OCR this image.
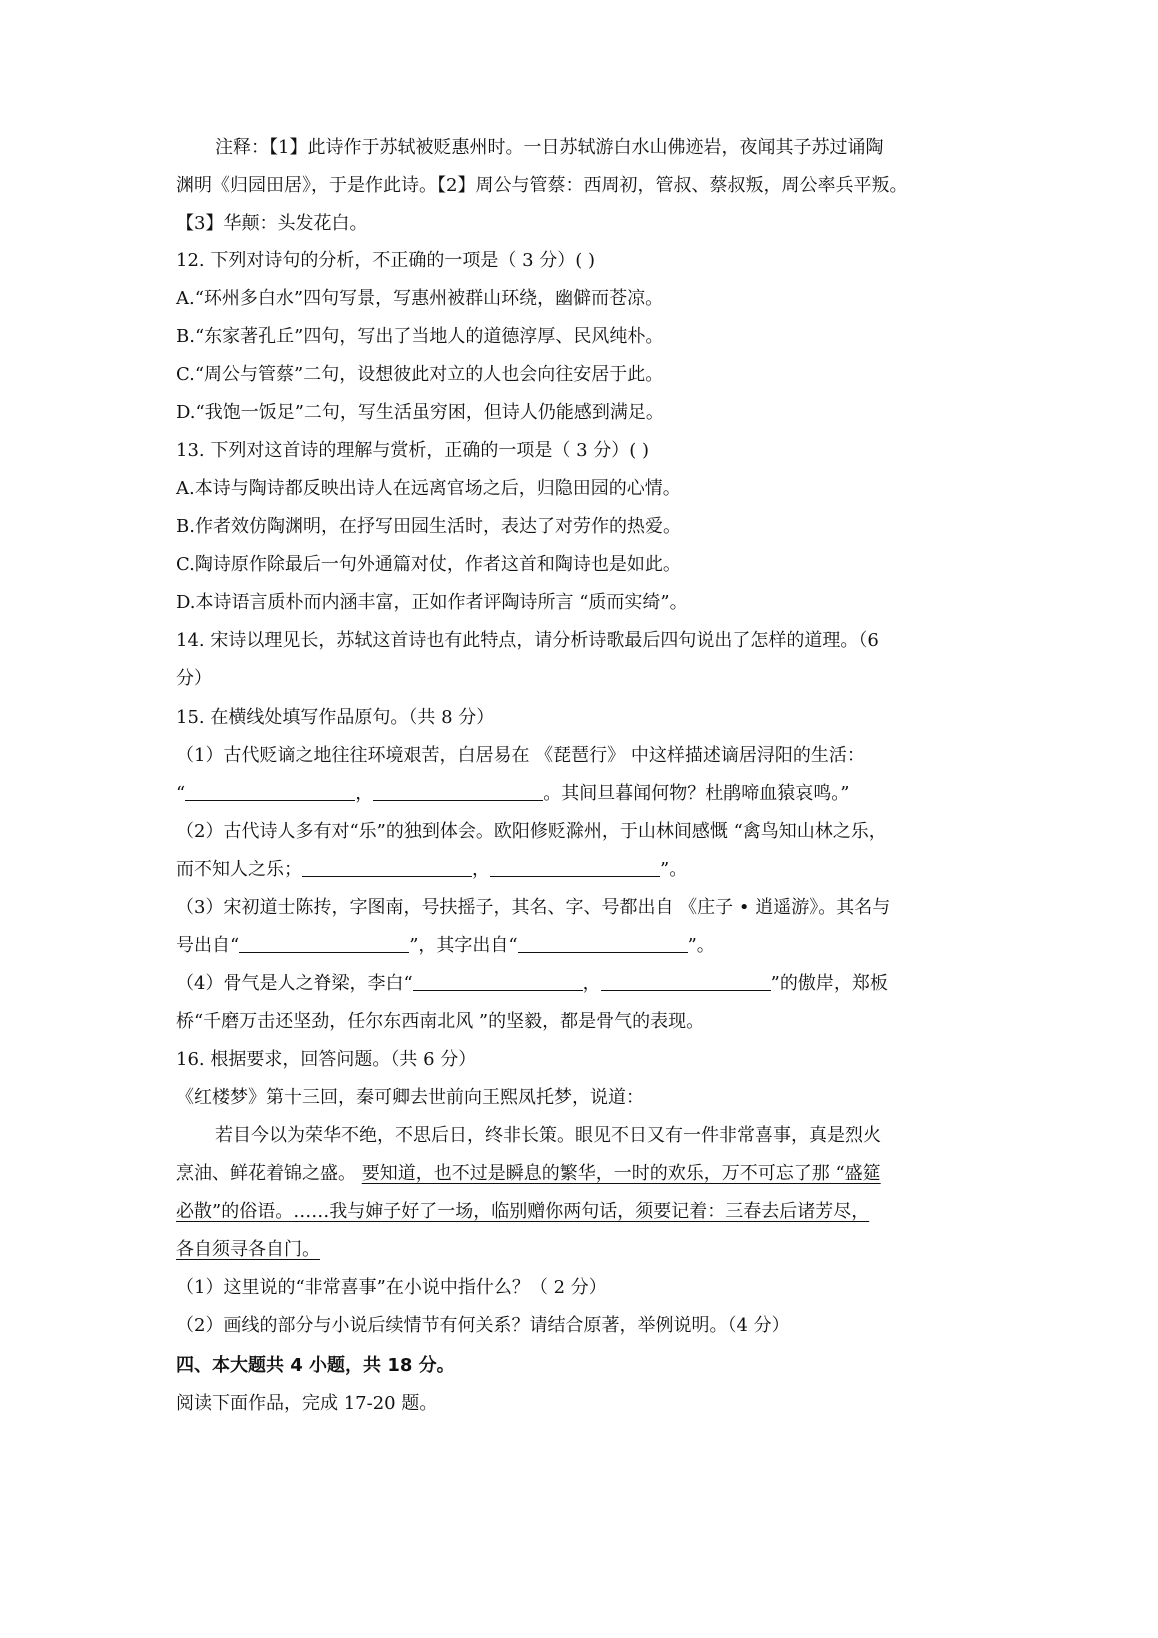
注释：【1】此诗作于苏轼被贬惠州时。一日苏轼游白水山佛迹岩，夜闻其子苏过诵陶
渊明《归园田居》，于是作此诗。【2】周公与管蔡：西周初，管叔、蔡叔叛，周公率兵平叛。
【3】华颠：头发花白。
12. 下列对诗句的分析，不正确的一项是（ 3 分）( )
A.“环州多白水”四句写景，写惠州被群山环绕，幽僻而苍凉。
B.“东家著孔丘”四句，写出了当地人的道德淳厚、民风纯朴。
C.“周公与管蔡”二句，设想彼此对立的人也会向往安居于此。
D.“我饱一饭足”二句，写生活虽穷困，但诗人仍能感到满足。
13. 下列对这首诗的理解与赏析，正确的一项是（ 3 分）( )
A.本诗与陶诗都反映出诗人在远离官场之后，归隐田园的心情。
B.作者效仿陶渊明，在抒写田园生活时，表达了对劳作的热爱。
C.陶诗原作除最后一句外通篇对仗，作者这首和陶诗也是如此。
D.本诗语言质朴而内涵丰富，正如作者评陶诗所言 “质而实绮”。
14. 宋诗以理见长，苏轼这首诗也有此特点，请分析诗歌最后四句说出了怎样的道理。（6
分）
15. 在横线处填写作品原句。（共 8 分）
（1）古代贬谪之地往往环境艰苦，白居易在 《琵琶行》 中这样描述谪居浔阳的生活：
“	，	。其间旦暮闻何物？杜鹃啼血猿哀鸣。”
（2）古代诗人多有对“乐”的独到体会。欧阳修贬滁州，于山林间感慨 “禽鸟知山林之乐，
而不知人之乐；	，	”。
（3）宋初道士陈抟，字图南，号扶摇子，其名、字、号都出自 《庄子 • 逍遥游》。其名与
号出自“	”，其字出自“	”。
（4）骨气是人之脊梁，李白“	，	”的傲岸，郑板
桥“千磨万击还坚劲，任尔东西南北风 ”的坚毅，都是骨气的表现。
16. 根据要求，回答问题。（共 6 分）
《红楼梦》第十三回，秦可卿去世前向王熙凤托梦，说道：
若目今以为荣华不绝，不思后日，终非长策。眼见不日又有一件非常喜事，真是烈火
烹油、鲜花着锦之盛。 要知道，也不过是瞬息的繁华，一时的欢乐，万不可忘了那 “盛筵
必散”的俗语。……我与婶子好了一场，临别赠你两句话，须要记着：三春去后诸芳尽，
各自须寻各自门。
（1）这里说的“非常喜事”在小说中指什么？（ 2 分）
（2）画线的部分与小说后续情节有何关系？请结合原著，举例说明。（4 分）
四、本大题共 4 小题，共 18 分。
阅读下面作品，完成 17-20 题。
